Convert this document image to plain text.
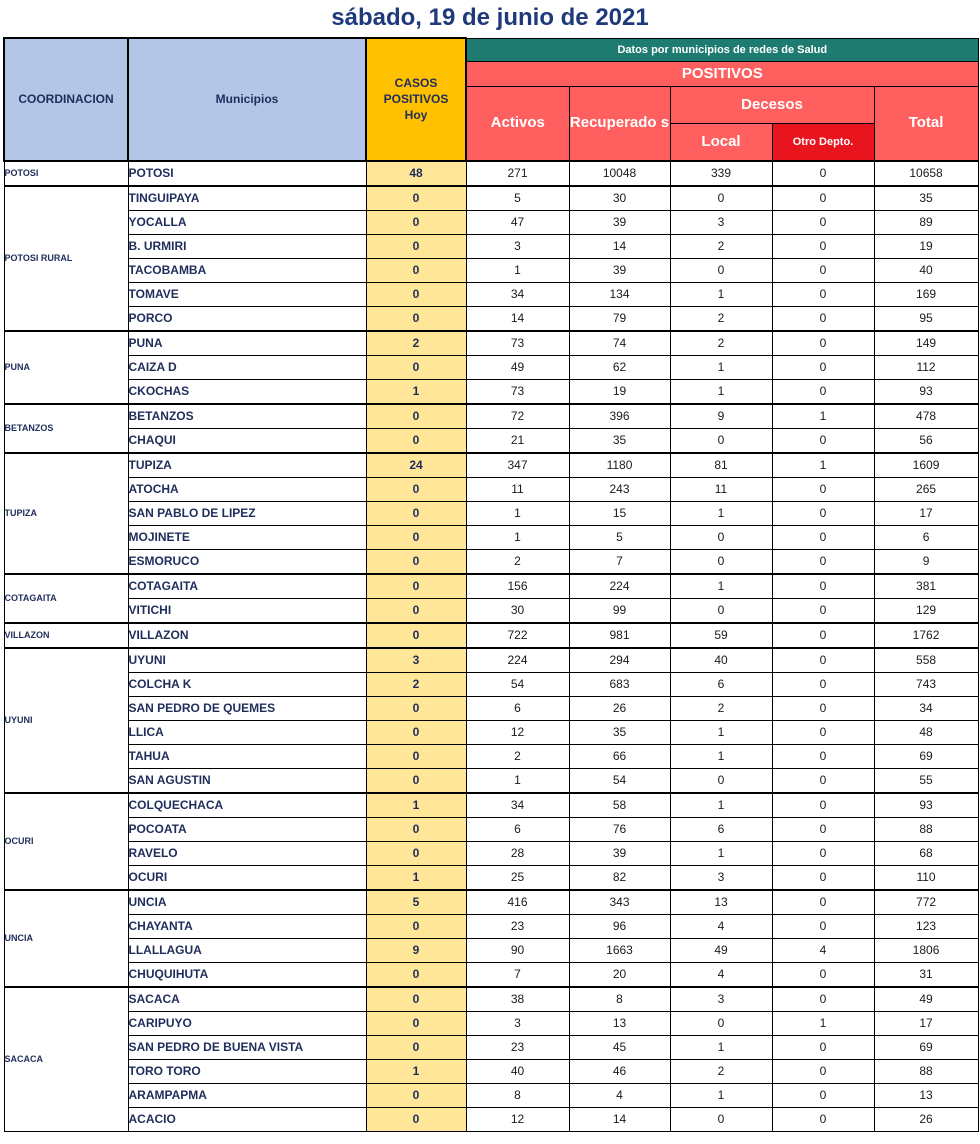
sábado, 19 de junio de 2021
COORDINACION	Municipios	CASOS
POSITIVOS
Hoy	Datos por municipios de redes de Salud				
			POSITIVOS				
			Activos	Recuperado s	Decesos		Total
					Local	Otro Depto.	
POTOSI	POTOSI	48	271	10048	339	0	10658
POTOSI RURAL	TINGUIPAYA	0	5	30	0	0	35
	YOCALLA	0	47	39	3	0	89
	B. URMIRI	0	3	14	2	0	19
	TACOBAMBA	0	1	39	0	0	40
	TOMAVE	0	34	134	1	0	169
	PORCO	0	14	79	2	0	95
PUNA	PUNA	2	73	74	2	0	149
	CAIZA D	0	49	62	1	0	112
	CKOCHAS	1	73	19	1	0	93
BETANZOS	BETANZOS	0	72	396	9	1	478
	CHAQUI	0	21	35	0	0	56
TUPIZA	TUPIZA	24	347	1180	81	1	1609
	ATOCHA	0	11	243	11	0	265
	SAN PABLO DE LIPEZ	0	1	15	1	0	17
	MOJINETE	0	1	5	0	0	6
	ESMORUCO	0	2	7	0	0	9
COTAGAITA	COTAGAITA	0	156	224	1	0	381
	VITICHI	0	30	99	0	0	129
VILLAZON	VILLAZON	0	722	981	59	0	1762
UYUNI	UYUNI	3	224	294	40	0	558
	COLCHA K	2	54	683	6	0	743
	SAN PEDRO DE QUEMES	0	6	26	2	0	34
	LLICA	0	12	35	1	0	48
	TAHUA	0	2	66	1	0	69
	SAN AGUSTIN	0	1	54	0	0	55
OCURI	COLQUECHACA	1	34	58	1	0	93
	POCOATA	0	6	76	6	0	88
	RAVELO	0	28	39	1	0	68
	OCURI	1	25	82	3	0	110
UNCIA	UNCIA	5	416	343	13	0	772
	CHAYANTA	0	23	96	4	0	123
	LLALLAGUA	9	90	1663	49	4	1806
	CHUQUIHUTA	0	7	20	4	0	31
SACACA	SACACA	0	38	8	3	0	49
	CARIPUYO	0	3	13	0	1	17
	SAN PEDRO DE BUENA VISTA	0	23	45	1	0	69
	TORO TORO	1	40	46	2	0	88
	ARAMPAPMA	0	8	4	1	0	13
	ACACIO	0	12	14	0	0	26
